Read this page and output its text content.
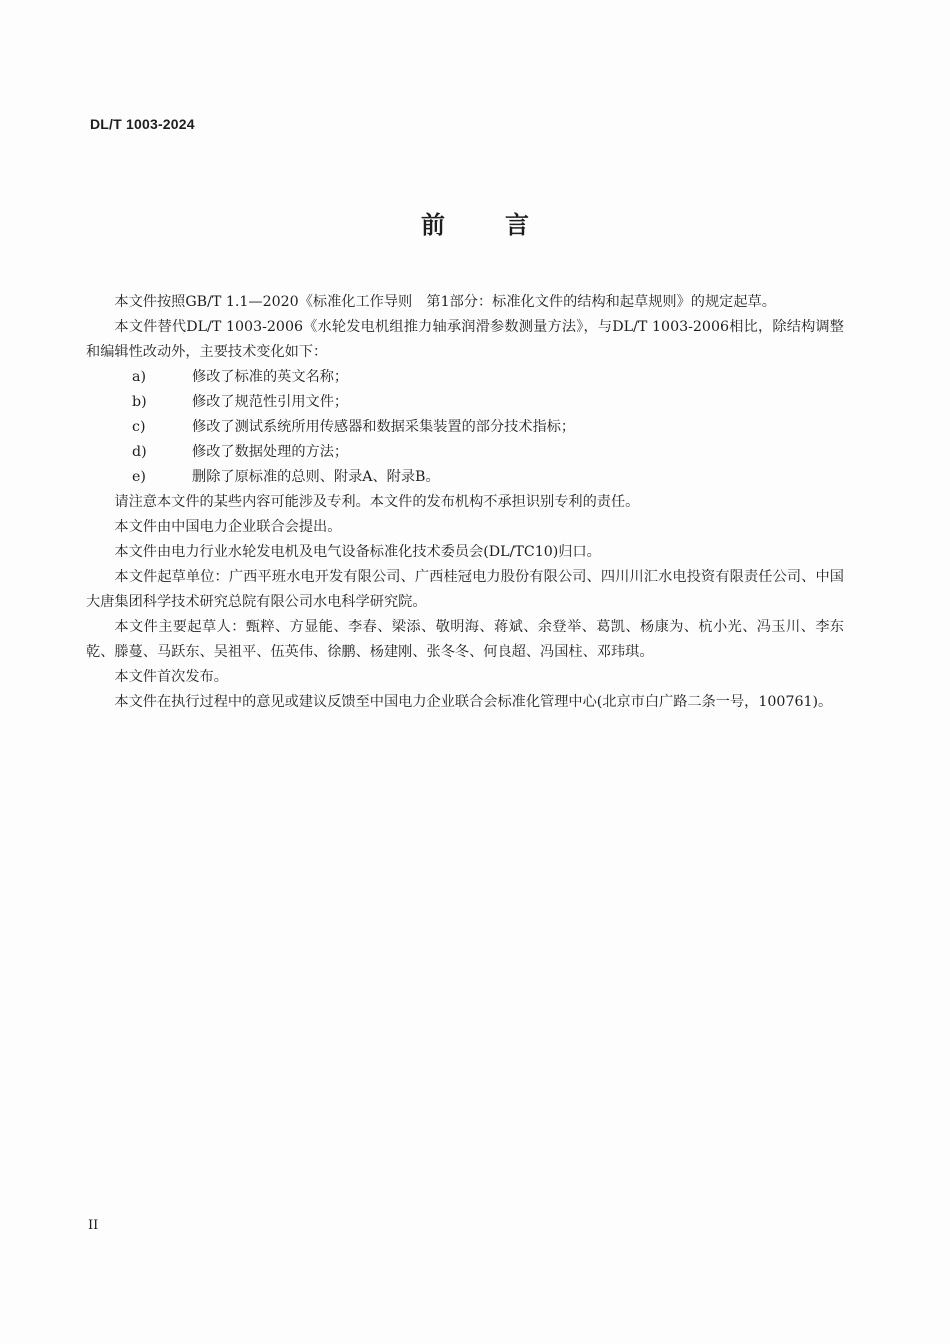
DL/T 1003-2024
前言

本文件按照GB/T 1.1—2020《标准化工作导则　第1部分：标准化文件的结构和起草规则》的规定起草。

本文件替代DL/T 1003-2006《水轮发电机组推力轴承润滑参数测量方法》，与DL/T 1003-2006相比，除结构调整和编辑性改动外，主要技术变化如下：

a)	修改了标准的英文名称；
b)	修改了规范性引用文件；
c)	修改了测试系统所用传感器和数据采集装置的部分技术指标；
d)	修改了数据处理的方法；
e)	删除了原标准的总则、附录A、附录B。

请注意本文件的某些内容可能涉及专利。本文件的发布机构不承担识别专利的责任。

本文件由中国电力企业联合会提出。

本文件由电力行业水轮发电机及电气设备标准化技术委员会(DL/TC10)归口。

本文件起草单位：广西平班水电开发有限公司、广西桂冠电力股份有限公司、四川川汇水电投资有限责任公司、中国大唐集团科学技术研究总院有限公司水电科学研究院。

本文件主要起草人：甄粹、方显能、李春、梁添、敬明海、蒋斌、余登举、葛凯、杨康为、杭小光、冯玉川、李东乾、滕蔓、马跃东、吴祖平、伍英伟、徐鹏、杨建刚、张冬冬、何良超、冯国柱、邓玮琪。

本文件首次发布。

本文件在执行过程中的意见或建议反馈至中国电力企业联合会标准化管理中心(北京市白广路二条一号，100761)。

II
